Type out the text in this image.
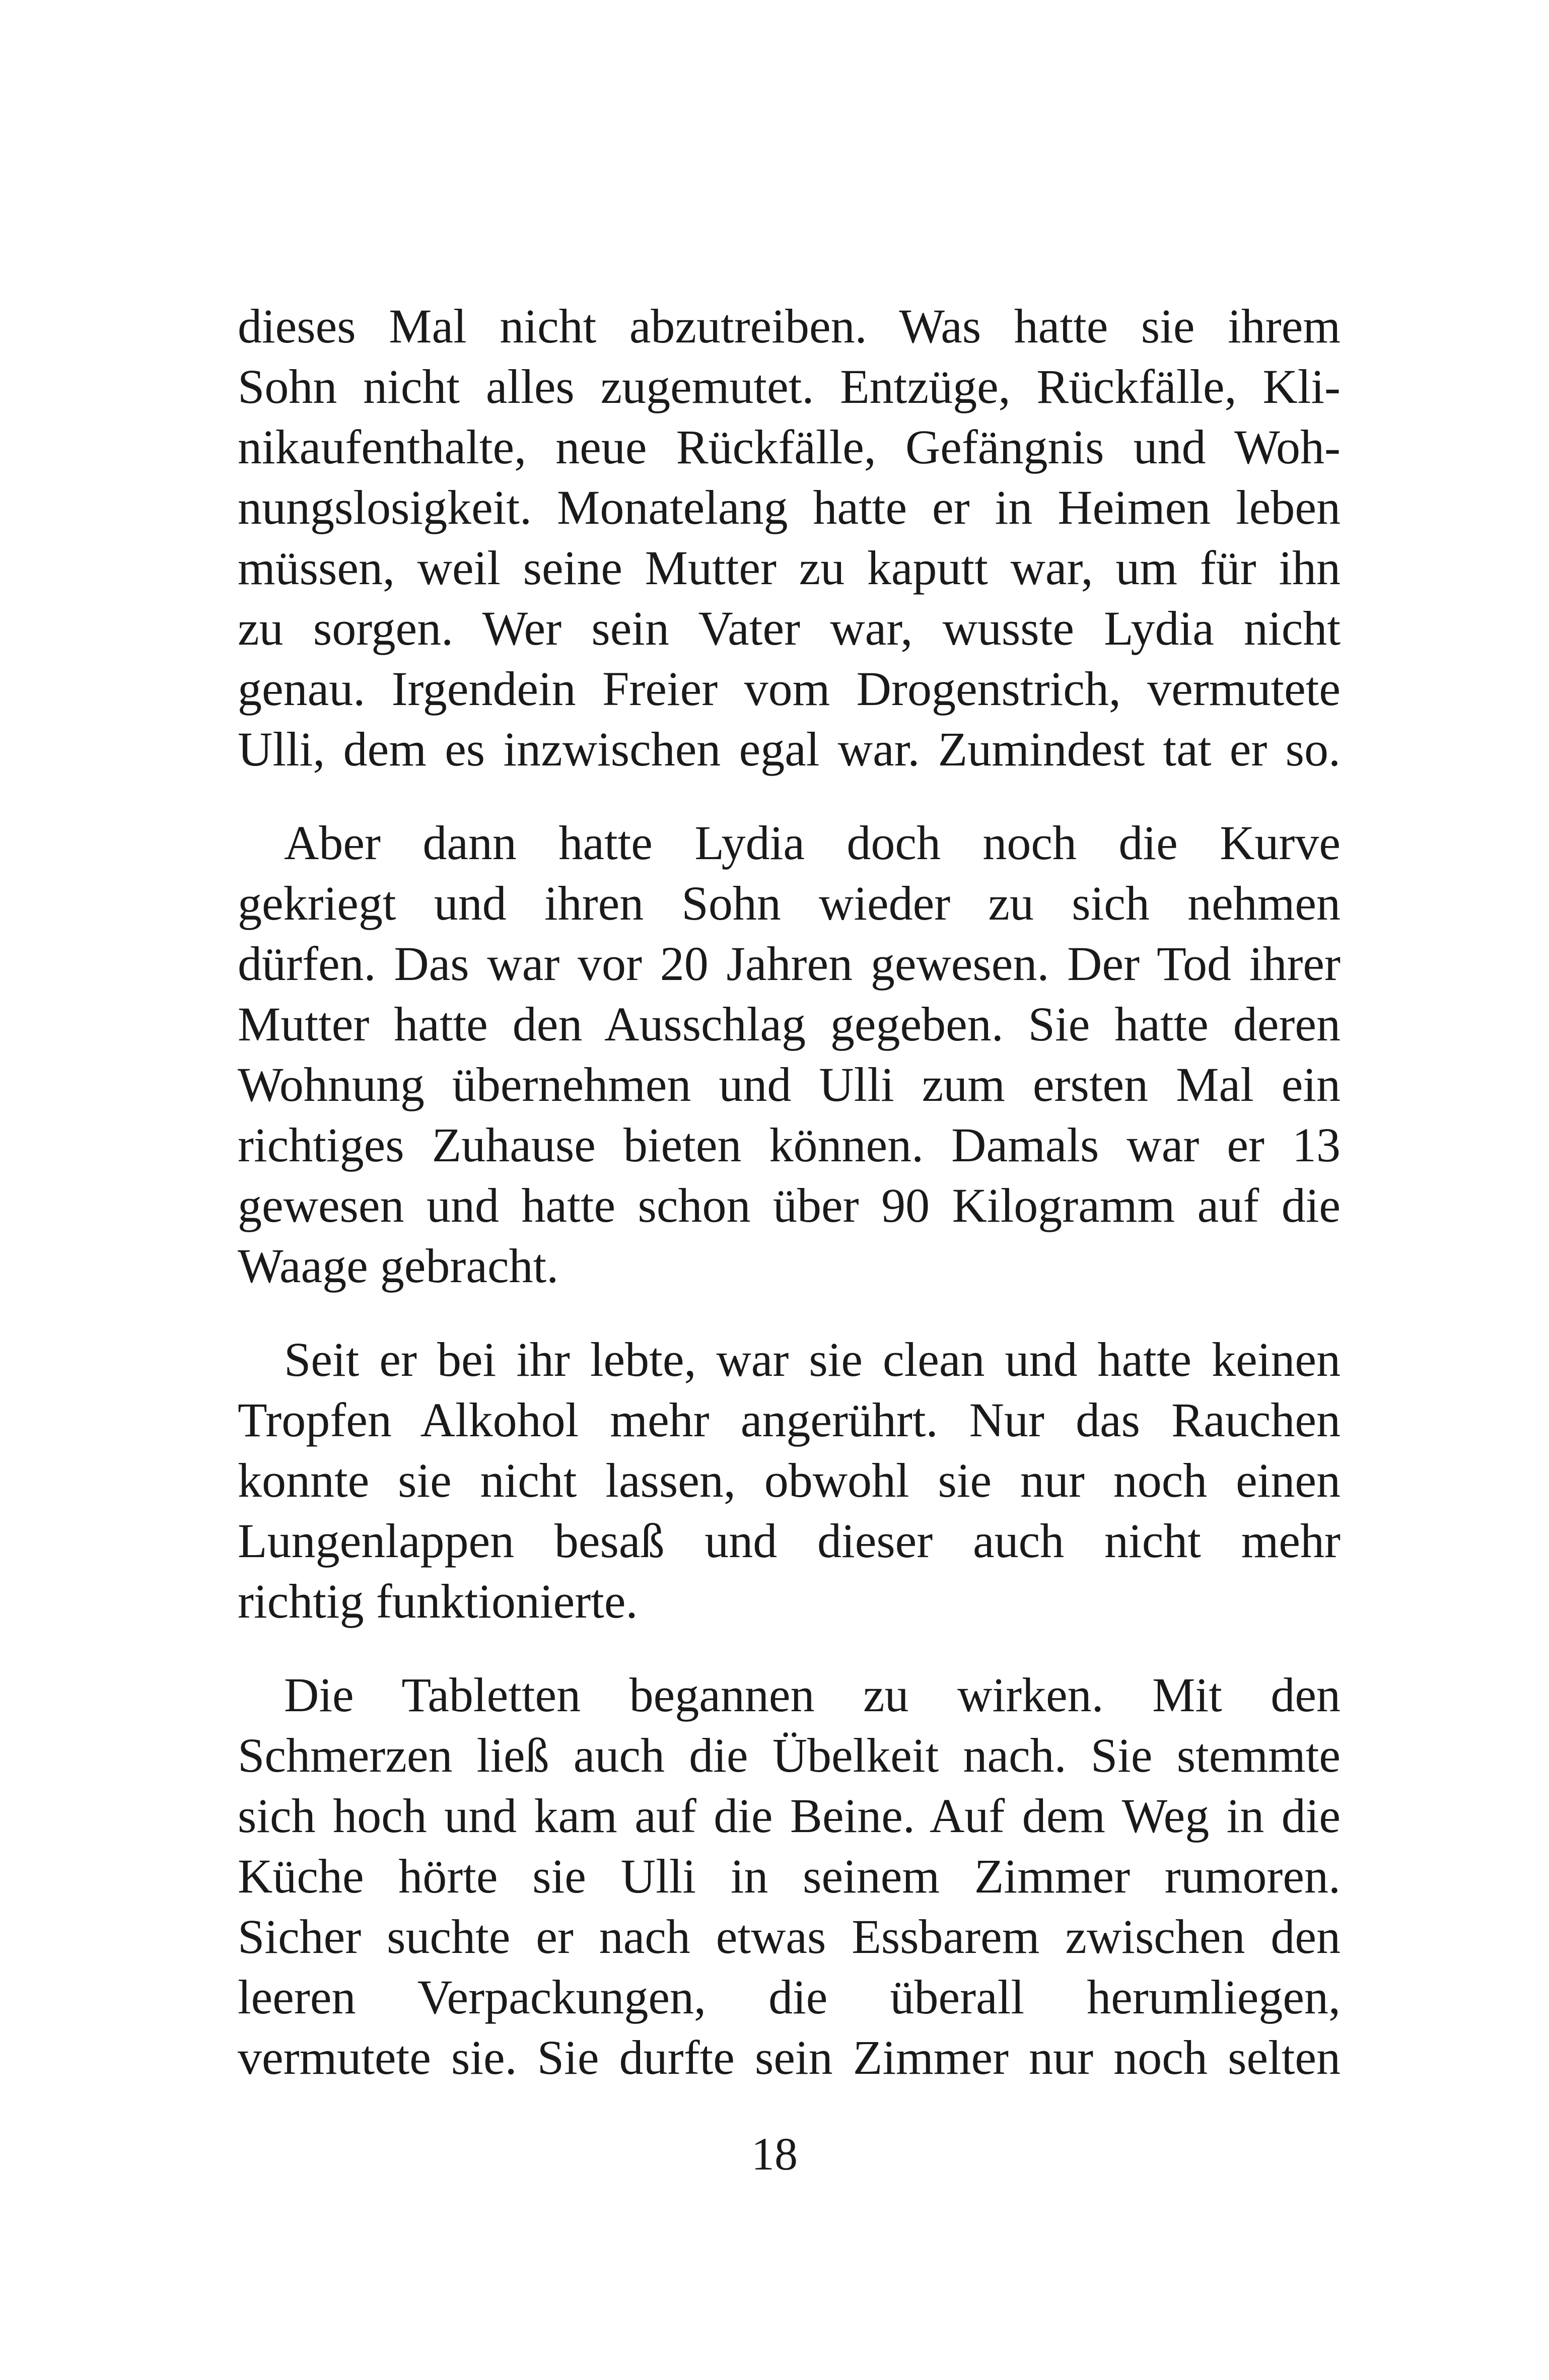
dieses Mal nicht abzutreiben. Was hatte sie ihrem
Sohn nicht alles zugemutet. Entzüge, Rückfälle, Kli-
nikaufenthalte, neue Rückfälle, Gefängnis und Woh-
nungslosigkeit. Monatelang hatte er in Heimen leben
müssen, weil seine Mutter zu kaputt war, um für ihn
zu sorgen. Wer sein Vater war, wusste Lydia nicht
genau. Irgendein Freier vom Drogenstrich, vermutete
Ulli, dem es inzwischen egal war. Zumindest tat er so.
Aber dann hatte Lydia doch noch die Kurve
gekriegt und ihren Sohn wieder zu sich nehmen
dürfen. Das war vor 20 Jahren gewesen. Der Tod ihrer
Mutter hatte den Ausschlag gegeben. Sie hatte deren
Wohnung übernehmen und Ulli zum ersten Mal ein
richtiges Zuhause bieten können. Damals war er 13
gewesen und hatte schon über 90 Kilogramm auf die
Waage gebracht.
Seit er bei ihr lebte, war sie clean und hatte keinen
Tropfen Alkohol mehr angerührt. Nur das Rauchen
konnte sie nicht lassen, obwohl sie nur noch einen
Lungenlappen besaß und dieser auch nicht mehr
richtig funktionierte.
Die Tabletten begannen zu wirken. Mit den
Schmerzen ließ auch die Übelkeit nach. Sie stemmte
sich hoch und kam auf die Beine. Auf dem Weg in die
Küche hörte sie Ulli in seinem Zimmer rumoren.
Sicher suchte er nach etwas Essbarem zwischen den
leeren Verpackungen, die überall herumliegen,
vermutete sie. Sie durfte sein Zimmer nur noch selten
18
